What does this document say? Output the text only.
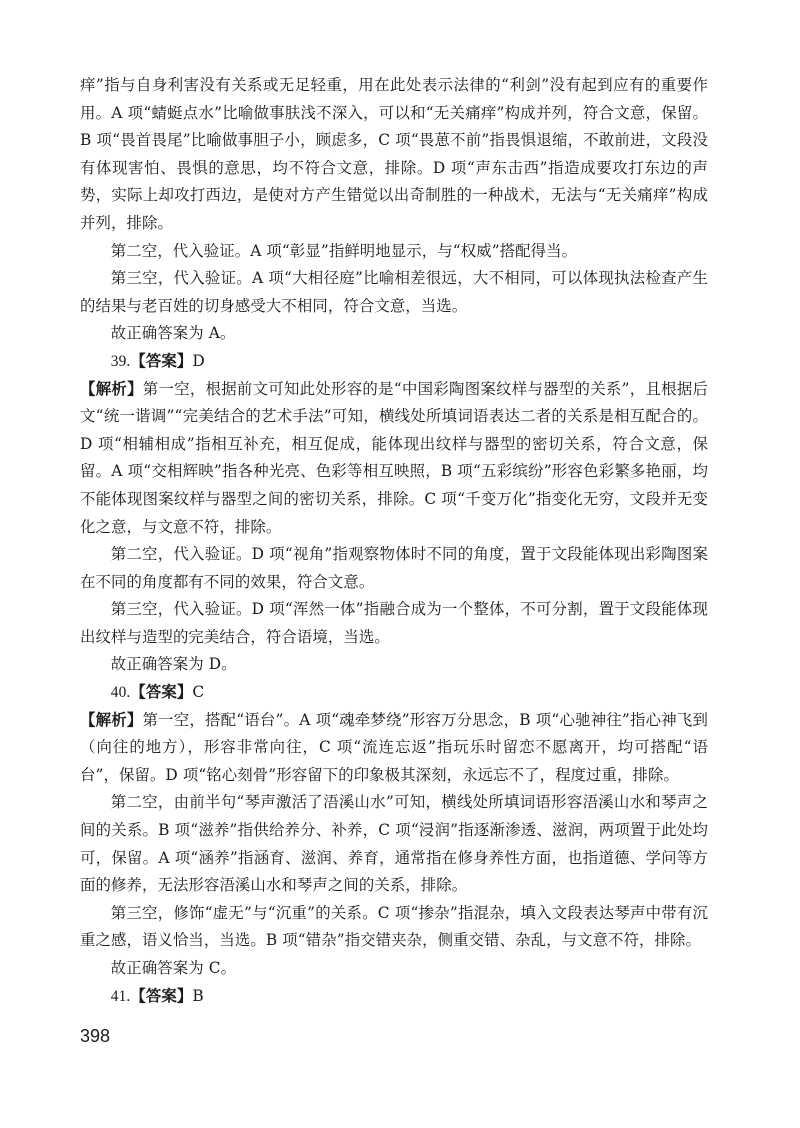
痒”指与自身利害没有关系或无足轻重，用在此处表示法律的“利剑”没有起到应有的重要作用。A 项“蜻蜓点水”比喻做事肤浅不深入，可以和“无关痛痒”构成并列，符合文意，保留。B 项“畏首畏尾”比喻做事胆子小，顾虑多，C 项“畏葸不前”指畏惧退缩，不敢前进，文段没有体现害怕、畏惧的意思，均不符合文意，排除。D 项“声东击西”指造成要攻打东边的声势，实际上却攻打西边，是使对方产生错觉以出奇制胜的一种战术，无法与“无关痛痒”构成并列，排除。

第二空，代入验证。A 项“彰显”指鲜明地显示，与“权威”搭配得当。

第三空，代入验证。A 项“大相径庭”比喻相差很远，大不相同，可以体现执法检查产生的结果与老百姓的切身感受大不相同，符合文意，当选。

故正确答案为 A。

39.【答案】D

【解析】第一空，根据前文可知此处形容的是“中国彩陶图案纹样与器型的关系”，且根据后文“统一谐调”“完美结合的艺术手法”可知，横线处所填词语表达二者的关系是相互配合的。D 项“相辅相成”指相互补充，相互促成，能体现出纹样与器型的密切关系，符合文意，保留。A 项“交相辉映”指各种光亮、色彩等相互映照，B 项“五彩缤纷”形容色彩繁多艳丽，均不能体现图案纹样与器型之间的密切关系，排除。C 项“千变万化”指变化无穷，文段并无变化之意，与文意不符，排除。

第二空，代入验证。D 项“视角”指观察物体时不同的角度，置于文段能体现出彩陶图案在不同的角度都有不同的效果，符合文意。

第三空，代入验证。D 项“浑然一体”指融合成为一个整体，不可分割，置于文段能体现出纹样与造型的完美结合，符合语境，当选。

故正确答案为 D。

40.【答案】C

【解析】第一空，搭配“语台”。A 项“魂牵梦绕”形容万分思念，B 项“心驰神往”指心神飞到（向往的地方），形容非常向往，C 项“流连忘返”指玩乐时留恋不愿离开，均可搭配“语台”，保留。D 项“铭心刻骨”形容留下的印象极其深刻，永远忘不了，程度过重，排除。

第二空，由前半句“琴声激活了浯溪山水”可知，横线处所填词语形容浯溪山水和琴声之间的关系。B 项“滋养”指供给养分、补养，C 项“浸润”指逐渐渗透、滋润，两项置于此处均可，保留。A 项“涵养”指涵育、滋润、养育，通常指在修身养性方面，也指道德、学问等方面的修养，无法形容浯溪山水和琴声之间的关系，排除。

第三空，修饰“虚无”与“沉重”的关系。C 项“掺杂”指混杂，填入文段表达琴声中带有沉重之感，语义恰当，当选。B 项“错杂”指交错夹杂，侧重交错、杂乱，与文意不符，排除。

故正确答案为 C。

41.【答案】B

398
